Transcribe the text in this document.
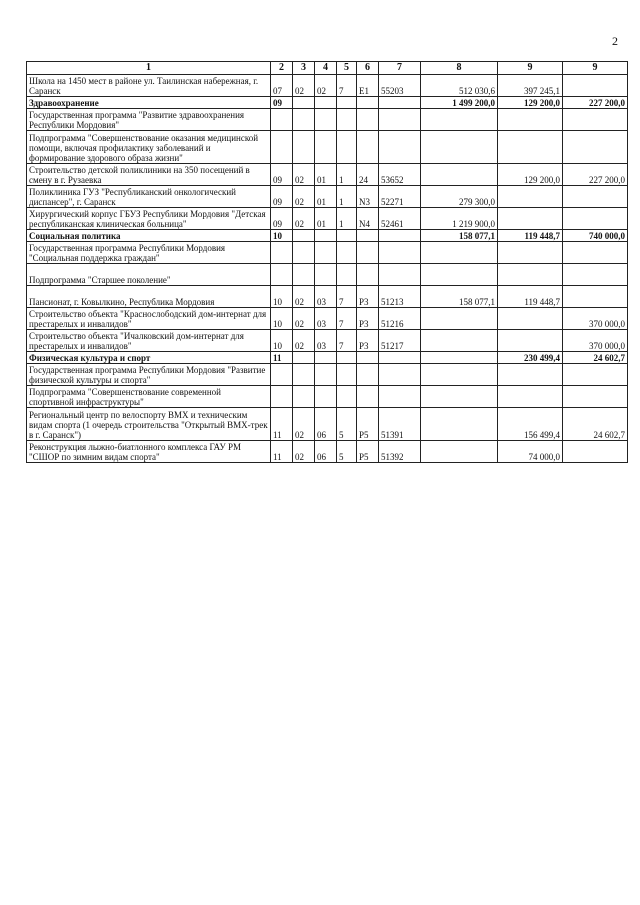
2
1	2	3	4	5	6	7	8	9	9
Школа на 1450 мест в районе ул. Таилинская набережная, г. Саранск	07	02	02	7	Е1	55203	512 030,6	397 245,1	
Здравоохранение	09						1 499 200,0	129 200,0	227 200,0
Государственная программа "Развитие здравоохранения Республики Мордовия"									
Подпрограмма "Совершенствование оказания медицинской помощи, включая профилактику заболеваний и формирование здорового образа жизни"									
Строительство детской поликлиники на 350 посещений в смену в г. Рузаевка	09	02	01	1	24	53652		129 200,0	227 200,0
Поликлиника ГУЗ "Республиканский онкологический диспансер", г. Саранск	09	02	01	1	N3	52271	279 300,0		
Хирургический корпус ГБУЗ Республики Мордовия "Детская республиканская клиническая больница"	09	02	01	1	N4	52461	1 219 900,0		
Социальная политика	10						158 077,1	119 448,7	740 000,0
Государственная программа Республики Мордовия "Социальная поддержка граждан"									
Подпрограмма "Старшее поколение"									
Пансионат, г. Ковылкино, Республика Мордовия	10	02	03	7	Р3	51213	158 077,1	119 448,7	
Строительство объекта "Краснослободский дом-интернат для престарелых и инвалидов"	10	02	03	7	Р3	51216			370 000,0
Строительство объекта "Ичалковский дом-интернат для престарелых и инвалидов"	10	02	03	7	Р3	51217			370 000,0
Физическая культура и спорт	11							230 499,4	24 602,7
Государственная программа Республики Мордовия "Развитие физической культуры и спорта"									
Подпрограмма "Совершенствование современной спортивной инфраструктуры"									
Региональный центр по велоспорту ВМХ и техническим видам спорта (1 очередь строительства "Открытый ВМХ-трек в г. Саранск")	11	02	06	5	Р5	51391		156 499,4	24 602,7
Реконструкция лыжно-биатлонного комплекса ГАУ РМ "СШОР по зимним видам спорта"	11	02	06	5	Р5	51392		74 000,0	
